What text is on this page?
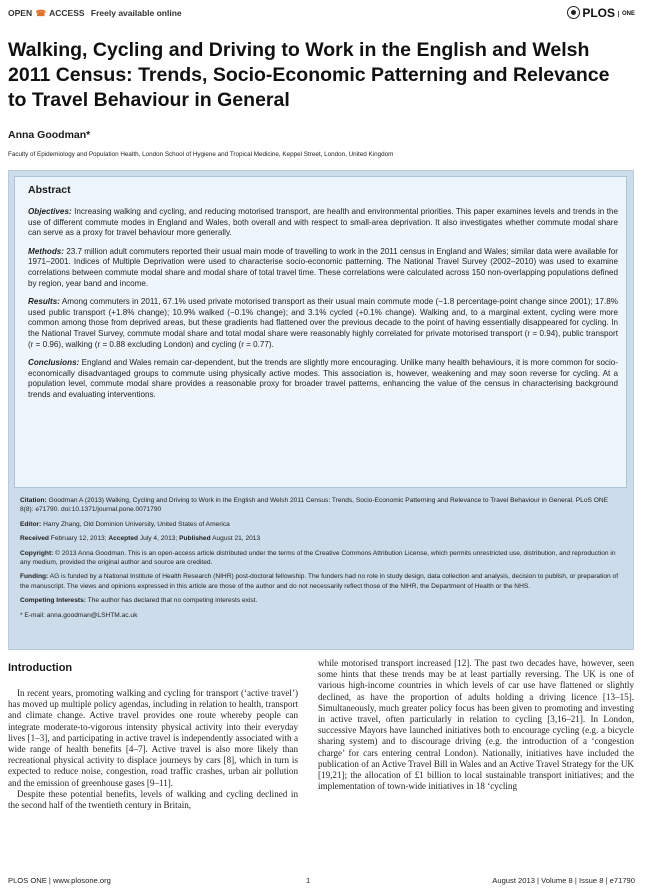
OPEN ☎ ACCESS Freely available online	PLOS ONE
Walking, Cycling and Driving to Work in the English and Welsh 2011 Census: Trends, Socio-Economic Patterning and Relevance to Travel Behaviour in General
Anna Goodman*
Faculty of Epidemiology and Population Health, London School of Hygiene and Tropical Medicine, Keppel Street, London, United Kingdom
Abstract

Objectives: Increasing walking and cycling, and reducing motorised transport, are health and environmental priorities. This paper examines levels and trends in the use of different commute modes in England and Wales, both overall and with respect to small-area deprivation. It also investigates whether commute modal share can serve as a proxy for travel behaviour more generally.

Methods: 23.7 million adult commuters reported their usual main mode of travelling to work in the 2011 census in England and Wales; similar data were available for 1971–2001. Indices of Multiple Deprivation were used to characterise socio-economic patterning. The National Travel Survey (2002–2010) was used to examine correlations between commute modal share and modal share of total travel time. These correlations were calculated across 150 non-overlapping populations defined by region, year band and income.

Results: Among commuters in 2011, 67.1% used private motorised transport as their usual main commute mode (−1.8 percentage-point change since 2001); 17.8% used public transport (+1.8% change); 10.9% walked (−0.1% change); and 3.1% cycled (+0.1% change). Walking and, to a marginal extent, cycling were more common among those from deprived areas, but these gradients had flattened over the previous decade to the point of having essentially disappeared for cycling. In the National Travel Survey, commute modal share and total modal share were reasonably highly correlated for private motorised transport (r = 0.94), public transport (r = 0.96), walking (r = 0.88 excluding London) and cycling (r = 0.77).

Conclusions: England and Wales remain car-dependent, but the trends are slightly more encouraging. Unlike many health behaviours, it is more common for socio-economically disadvantaged groups to commute using physically active modes. This association is, however, weakening and may soon reverse for cycling. At a population level, commute modal share provides a reasonable proxy for broader travel patterns, enhancing the value of the census in characterising background trends and evaluating interventions.

Citation: Goodman A (2013) Walking, Cycling and Driving to Work in the English and Welsh 2011 Census: Trends, Socio-Economic Patterning and Relevance to Travel Behaviour in General. PLoS ONE 8(8): e71790. doi:10.1371/journal.pone.0071790

Editor: Harry Zhang, Old Dominion University, United States of America

Received February 12, 2013; Accepted July 4, 2013; Published August 21, 2013

Copyright: © 2013 Anna Goodman. This is an open-access article distributed under the terms of the Creative Commons Attribution License, which permits unrestricted use, distribution, and reproduction in any medium, provided the original author and source are credited.

Funding: AG is funded by a National Institute of Health Research (NIHR) post-doctoral fellowship. The funders had no role in study design, data collection and analysis, decision to publish, or preparation of the manuscript. The views and opinions expressed in this article are those of the author and do not necessarily reflect those of the NIHR, the Department of Health or the NHS.

Competing Interests: The author has declared that no competing interests exist.

* E-mail: anna.goodman@LSHTM.ac.uk

Introduction

In recent years, promoting walking and cycling for transport (‘active travel’) has moved up multiple policy agendas, including in relation to health, transport and climate change. Active travel provides one route whereby people can integrate moderate-to-vigorous intensity physical activity into their everyday lives [1–3], and participating in active travel is independently associated with a wide range of health benefits [4–7]. Active travel is also more likely than recreational physical activity to displace journeys by cars [8], which in turn is expected to reduce noise, congestion, road traffic crashes, urban air pollution and the emission of greenhouse gases [9–11].

Despite these potential benefits, levels of walking and cycling declined in the second half of the twentieth century in Britain,

while motorised transport increased [12]. The past two decades have, however, seen some hints that these trends may be at least partially reversing. The UK is one of various high-income countries in which levels of car use have flattened or slightly declined, as have the proportion of adults holding a driving licence [13–15]. Simultaneously, much greater policy focus has been given to promoting and investing in active travel, often particularly in relation to cycling [3,16–21]. In London, successive Mayors have launched initiatives both to encourage cycling (e.g. a bicycle sharing system) and to discourage driving (e.g. the introduction of a ‘congestion charge’ for cars entering central London). Nationally, initiatives have included the publication of an Active Travel Bill in Wales and an Active Travel Strategy for the UK [19,21]; the allocation of £1 billion to local sustainable transport initiatives; and the implementation of town-wide initiatives in 18 ‘cycling

PLOS ONE | www.plosone.org	1	August 2013 | Volume 8 | Issue 8 | e71790
